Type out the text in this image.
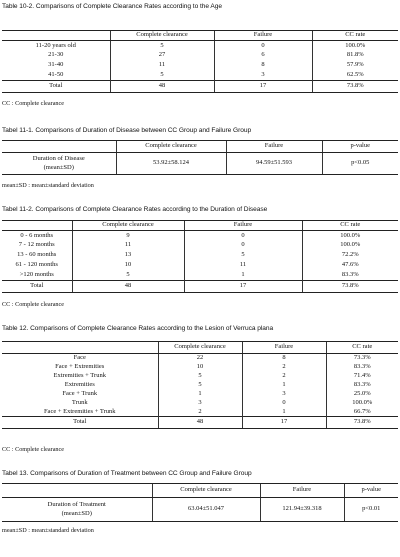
Table 10-2. Comparisons of Complete Clearance Rates according to the Age
	Complete clearance	Failure	CC rate
11-20 years old	5	0	100.0%
21-30	27	6	81.8%
31-40	11	8	57.9%
41-50	5	3	62.5%
Total	48	17	73.8%
CC : Complete clearance
Tabel 11-1. Comparisons of Duration of Disease between CC Group and Failure Group
	Complete clearance	Failure	p-value

Duration of Disease
(mean±SD)	53.92±58.124	94.59±51.593	p<0.05
mean±SD : mean±standard deviation
Tabel 11-2. Comparisons of Complete Clearance Rates according to the Duration of Disease
	Complete clearance	Failure	CC rate
0 - 6 months	9	0	100.0%
7 - 12 months	11	0	100.0%
13 - 60 months	13	5	72.2%
61 - 120 months	10	11	47.6%
>120 months	5	1	83.3%
Total	48	17	73.8%
CC : Complete clearance
Table 12. Comparisons of Complete Clearance Rates according to the Lesion of Verruca plana
	Complete clearance	Failure	CC rate
Face	22	8	73.3%
Face + Extremities	10	2	83.3%
Extremities + Trunk	5	2	71.4%
Extremities	5	1	83.3%
Face + Trunk	1	3	25.0%
Trunk	3	0	100.0%
Face + Extremities + Trunk	2	1	66.7%
Total	48	17	73.8%
CC : Complete clearance
Tabel 13. Comparisons of Duration of Treatment between CC Group and Failure Group
	Complete clearance	Failure	p-value

Duration of Treatment
(mean±SD)	63.04±51.047	121.94±39.318	p<0.01
mean±SD : mean±standard deviation
